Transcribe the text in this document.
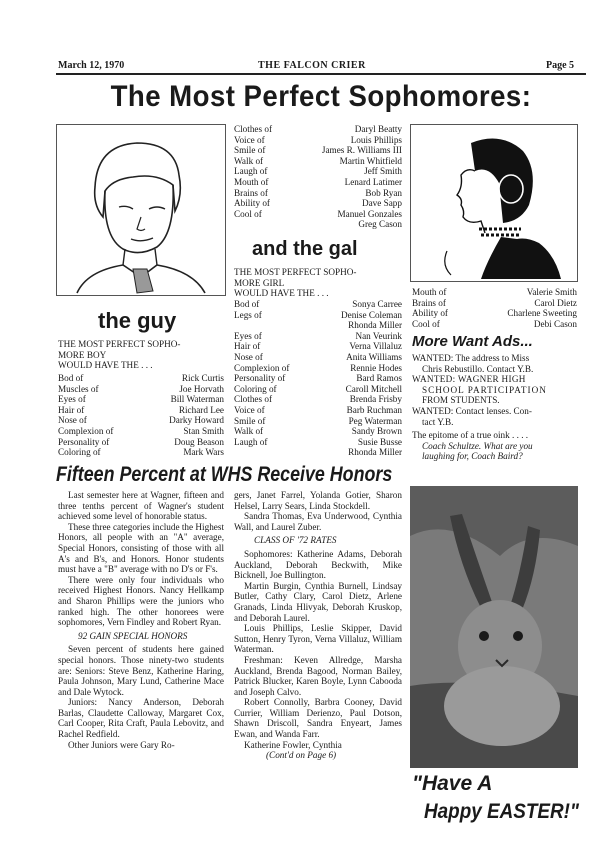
March 12, 1970	THE FALCON CRIER	Page 5
The Most Perfect Sophomores:
the guy
THE MOST PERFECT SOPHO-
MORE BOY
WOULD HAVE THE . . .
Bod of	Rick Curtis
Muscles of	Joe Horvath
Eyes of	Bill Waterman
Hair of	Richard Lee
Nose of	Darky Howard
Complexion of	Stan Smith
Personality of	Doug Beason
Coloring of	Mark Wars
Clothes of	Daryl Beatty
Voice of	Louis Phillips
Smile of	James R. Williams III
Walk of	Martin Whitfield
Laugh of	Jeff Smith
Mouth of	Lenard Latimer
Brains of	Bob Ryan
Ability of	Dave Sapp
Cool of	Manuel Gonzales
Greg Cason
and the gal
THE MOST PERFECT SOPHO-
MORE GIRL
WOULD HAVE THE . . .
Bod of	Sonya Carree
Legs of	Denise Coleman
Rhonda Miller
Eyes of	Nan Veurink
Hair of	Verna Villaluz
Nose of	Anita Williams
Complexion of	Rennie Hodes
Personality of	Bard Ramos
Coloring of	Caroll Mitchell
Clothes of	Brenda Frisby
Voice of	Barb Ruchman
Smile of	Peg Waterman
Walk of	Sandy Brown
Laugh of	Susie Busse
Rhonda Miller
Mouth of	Valerie Smith
Brains of	Carol Dietz
Ability of	Charlene Sweeting
Cool of	Debi Cason
More Want Ads...
WANTED: The address to Miss
Chris Rebustillo. Contact Y.B.
WANTED: WAGNER HIGH
SCHOOL PARTICIPATION
FROM STUDENTS.
WANTED: Contact lenses. Con-
tact Y.B.
The epitome of a true oink . . . .
Coach Schultze. What are you
laughing for, Coach Baird?
Fifteen Percent at WHS Receive Honors

Last semester here at Wagner, fifteen and three tenths percent of Wagner's student achieved some level of honorable status.

These three categories include the Highest Honors, all people with an "A" average, Special Honors, consisting of those with all A's and B's, and Honors. Honor students must have a "B" average with no D's or F's.

There were only four individuals who received Highest Honors. Nancy Hellkamp and Sharon Phillips were the juniors who ranked high. The other honorees were sophomores, Vern Findley and Robert Ryan.

92 GAIN SPECIAL HONORS

Seven percent of students here gained special honors. Those ninety-two students are: Seniors: Steve Benz, Katherine Haring, Paula Johnson, Mary Lund, Catherine Mace and Dale Wytock.

Juniors: Nancy Anderson, Deborah Barlas, Claudette Calloway, Margaret Cox, Carl Cooper, Rita Craft, Paula Lebovitz, and Rachel Redfield.

Other Juniors were Gary Ro-

gers, Janet Farrel, Yolanda Gotier, Sharon Helsel, Larry Sears, Linda Stockdell.

Sandra Thomas, Eva Underwood, Cynthia Wall, and Laurel Zuber.

CLASS OF '72 RATES

Sophomores: Katherine Adams, Deborah Auckland, Deborah Beckwith, Mike Bicknell, Joe Bullington.

Martin Burgin, Cynthia Burnell, Lindsay Butler, Cathy Clary, Carol Dietz, Arlene Granads, Linda Hlivyak, Deborah Kruskop, and Deborah Laurel.

Louis Phillips, Leslie Skipper, David Sutton, Henry Tyron, Verna Villaluz, William Waterman.

Freshman: Keven Allredge, Marsha Auckland, Brenda Bagood, Norman Bailey, Patrick Blucker, Karen Boyle, Lynn Cabooda and Joseph Calvo.

Robert Connolly, Barbra Cooney, David Currier, William Derienzo, Paul Dotson, Shawn Driscoll, Sandra Enyeart, James Ewan, and Wanda Farr.

Katherine Fowler, Cynthia

(Cont'd on Page 6)

"Have A
Happy EASTER!"
